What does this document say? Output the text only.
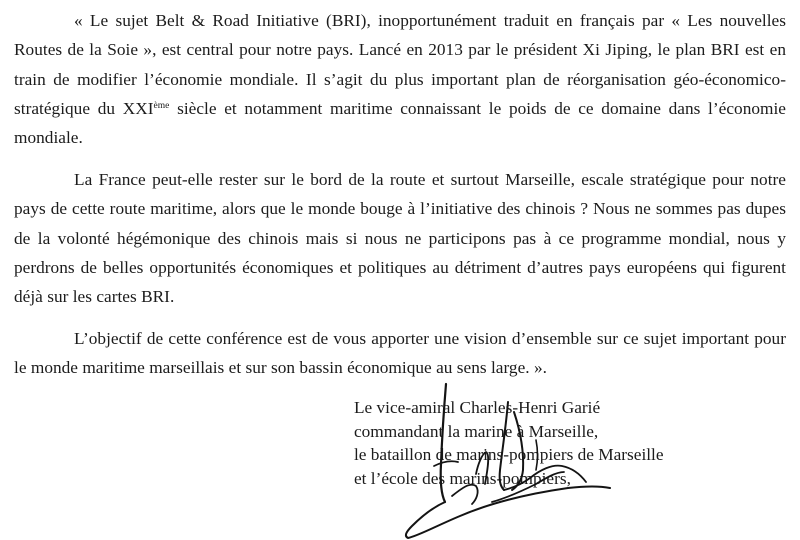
« Le sujet Belt & Road Initiative (BRI), inopportunément traduit en français par « Les nouvelles Routes de la Soie », est central pour notre pays. Lancé en 2013 par le président Xi Jiping, le plan BRI est en train de modifier l’économie mondiale. Il s’agit du plus important plan de réorganisation géo-économico-stratégique du XXIème siècle et notamment maritime connaissant le poids de ce domaine dans l’économie mondiale.

La France peut-elle rester sur le bord de la route et surtout Marseille, escale stratégique pour notre pays de cette route maritime, alors que le monde bouge à l’initiative des chinois ? Nous ne sommes pas dupes de la volonté hégémonique des chinois mais si nous ne participons pas à ce programme mondial, nous y perdrons de belles opportunités économiques et politiques au détriment d’autres pays européens qui figurent déjà sur les cartes BRI.

L’objectif de cette conférence est de vous apporter une vision d’ensemble sur ce sujet important pour le monde maritime marseillais et sur son bassin économique au sens large. ».

Le vice-amiral Charles-Henri Garié
commandant la marine à Marseille,
le bataillon de marins-pompiers de Marseille
et l’école des marins-pompiers,
